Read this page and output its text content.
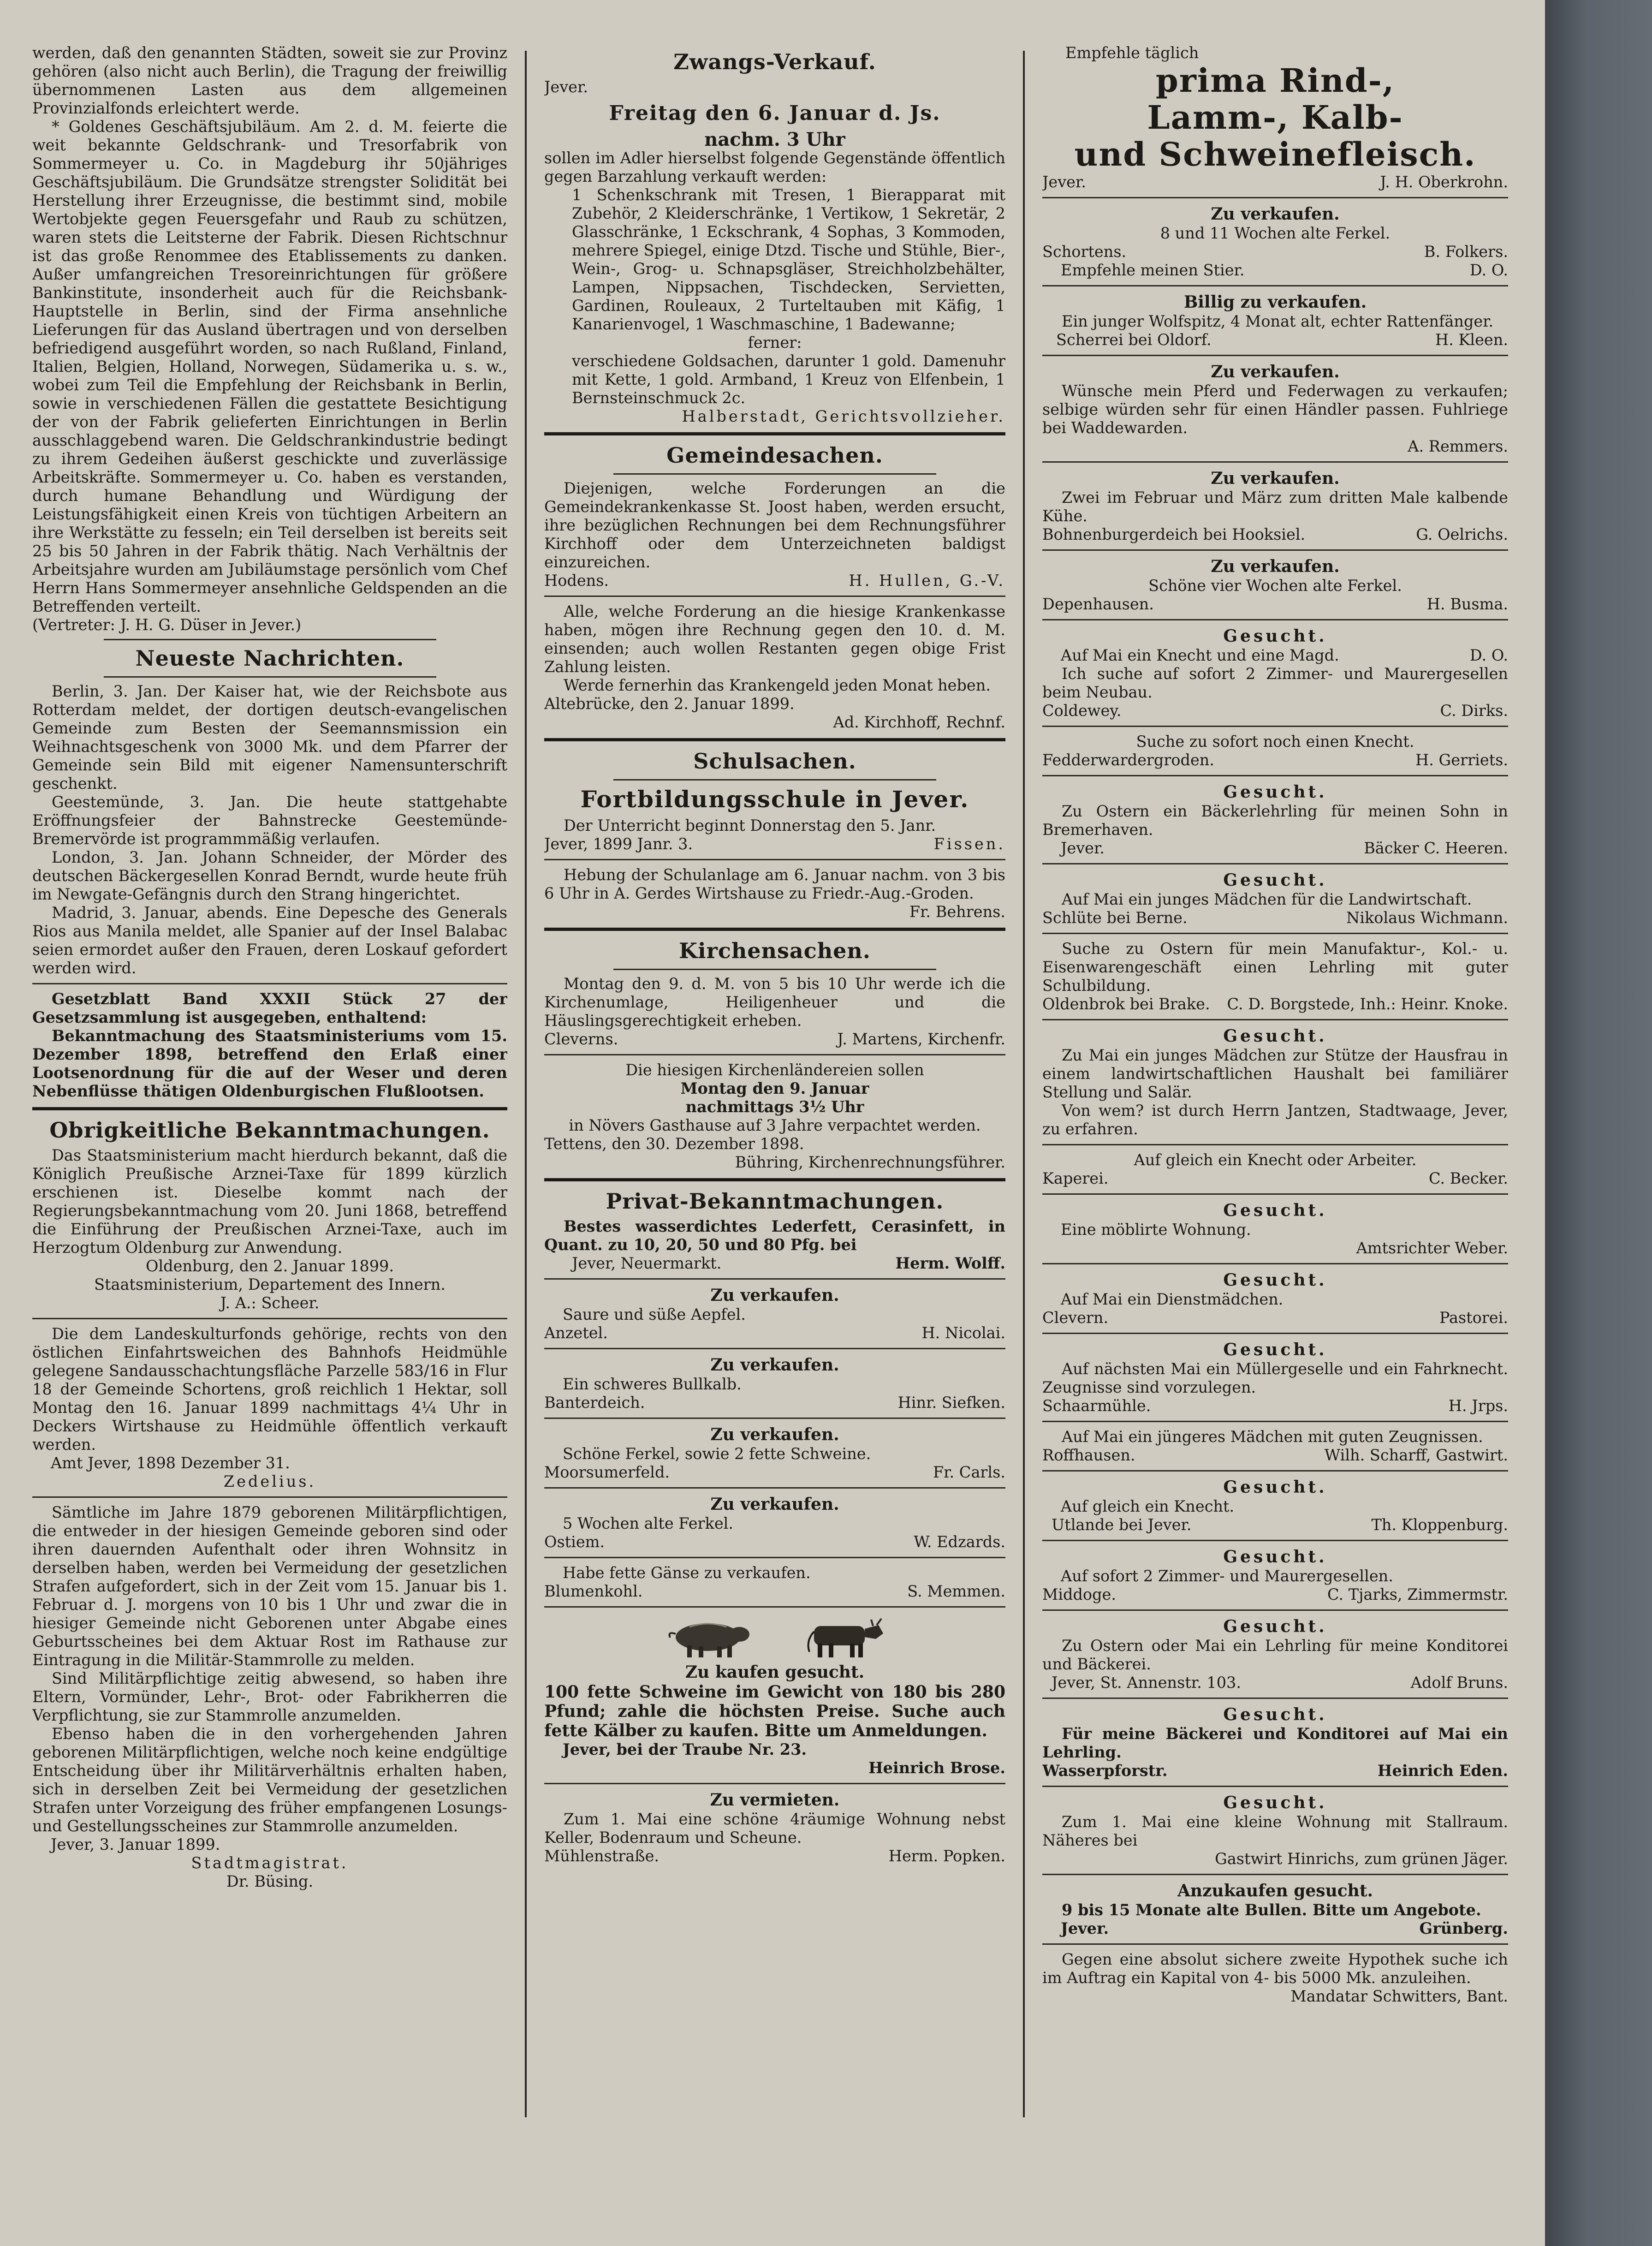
werden, daß den genannten Städten, soweit sie zur Provinz gehören (also nicht auch Berlin), die Tragung der freiwillig übernommenen Lasten aus dem allgemeinen Provinzialfonds erleichtert werde.

* Goldenes Geschäftsjubiläum. Am 2. d. M. feierte die weit bekannte Geldschrank- und Tresorfabrik von Sommermeyer u. Co. in Magdeburg ihr 50jähriges Geschäftsjubiläum. Die Grundsätze strengster Solidität bei Herstellung ihrer Erzeugnisse, die bestimmt sind, mobile Wertobjekte gegen Feuersgefahr und Raub zu schützen, waren stets die Leitsterne der Fabrik. Diesen Richtschnur ist das große Renommee des Etablissements zu danken. Außer umfangreichen Tresoreinrichtungen für größere Bankinstitute, insonderheit auch für die Reichsbank-Hauptstelle in Berlin, sind der Firma ansehnliche Lieferungen für das Ausland übertragen und von derselben befriedigend ausgeführt worden, so nach Rußland, Finland, Italien, Belgien, Holland, Norwegen, Südamerika u. s. w., wobei zum Teil die Empfehlung der Reichsbank in Berlin, sowie in verschiedenen Fällen die gestattete Besichtigung der von der Fabrik gelieferten Einrichtungen in Berlin ausschlaggebend waren. Die Geldschrankindustrie bedingt zu ihrem Gedeihen äußerst geschickte und zuverlässige Arbeitskräfte. Sommermeyer u. Co. haben es verstanden, durch humane Behandlung und Würdigung der Leistungsfähigkeit einen Kreis von tüchtigen Arbeitern an ihre Werkstätte zu fesseln; ein Teil derselben ist bereits seit 25 bis 50 Jahren in der Fabrik thätig. Nach Verhältnis der Arbeitsjahre wurden am Jubiläumstage persönlich vom Chef Herrn Hans Sommermeyer ansehnliche Geldspenden an die Betreffenden verteilt.

(Vertreter: J. H. G. Düser in Jever.)

Neueste Nachrichten.

Berlin, 3. Jan. Der Kaiser hat, wie der Reichsbote aus Rotterdam meldet, der dortigen deutsch-evangelischen Gemeinde zum Besten der Seemannsmission ein Weihnachtsgeschenk von 3000 Mk. und dem Pfarrer der Gemeinde sein Bild mit eigener Namensunterschrift geschenkt.

Geestemünde, 3. Jan. Die heute stattgehabte Eröffnungsfeier der Bahnstrecke Geestemünde-Bremervörde ist programmmäßig verlaufen.

London, 3. Jan. Johann Schneider, der Mörder des deutschen Bäckergesellen Konrad Berndt, wurde heute früh im Newgate-Gefängnis durch den Strang hingerichtet.

Madrid, 3. Januar, abends. Eine Depesche des Generals Rios aus Manila meldet, alle Spanier auf der Insel Balabac seien ermordet außer den Frauen, deren Loskauf gefordert werden wird.

Gesetzblatt Band XXXII Stück 27 der Gesetzsammlung ist ausgegeben, enthaltend:

Bekanntmachung des Staatsministeriums vom 15. Dezember 1898, betreffend den Erlaß einer Lootsenordnung für die auf der Weser und deren Nebenflüsse thätigen Oldenburgischen Flußlootsen.

Obrigkeitliche Bekanntmachungen.

Das Staatsministerium macht hierdurch bekannt, daß die Königlich Preußische Arznei-Taxe für 1899 kürzlich erschienen ist. Dieselbe kommt nach der Regierungsbekanntmachung vom 20. Juni 1868, betreffend die Einführung der Preußischen Arznei-Taxe, auch im Herzogtum Oldenburg zur Anwendung.

Oldenburg, den 2. Januar 1899.
Staatsministerium, Departement des Innern.
J. A.: Scheer.

Die dem Landeskulturfonds gehörige, rechts von den östlichen Einfahrtsweichen des Bahnhofs Heidmühle gelegene Sandausschachtungsfläche Parzelle 583/16 in Flur 18 der Gemeinde Schortens, groß reichlich 1 Hektar, soll Montag den 16. Januar 1899 nachmittags 4¼ Uhr in Deckers Wirtshause zu Heidmühle öffentlich verkauft werden.

Amt Jever, 1898 Dezember 31.
Zedelius.

Sämtliche im Jahre 1879 geborenen Militärpflichtigen, die entweder in der hiesigen Gemeinde geboren sind oder ihren dauernden Aufenthalt oder ihren Wohnsitz in derselben haben, werden bei Vermeidung der gesetzlichen Strafen aufgefordert, sich in der Zeit vom 15. Januar bis 1. Februar d. J. morgens von 10 bis 1 Uhr und zwar die in hiesiger Gemeinde nicht Geborenen unter Abgabe eines Geburtsscheines bei dem Aktuar Rost im Rathause zur Eintragung in die Militär-Stammrolle zu melden.

Sind Militärpflichtige zeitig abwesend, so haben ihre Eltern, Vormünder, Lehr-, Brot- oder Fabrikherren die Verpflichtung, sie zur Stammrolle anzumelden.

Ebenso haben die in den vorhergehenden Jahren geborenen Militärpflichtigen, welche noch keine endgültige Entscheidung über ihr Militärverhältnis erhalten haben, sich in derselben Zeit bei Vermeidung der gesetzlichen Strafen unter Vorzeigung des früher empfangenen Losungs- und Gestellungsscheines zur Stammrolle anzumelden.

Jever, 3. Januar 1899.
Stadtmagistrat.
Dr. Büsing.
Zwangs-Verkauf.
Jever.
Freitag den 6. Januar d. Js.
nachm. 3 Uhr

sollen im Adler hierselbst folgende Gegenstände öffentlich gegen Barzahlung verkauft werden:

1 Schenkschrank mit Tresen, 1 Bierapparat mit Zubehör, 2 Kleiderschränke, 1 Vertikow, 1 Sekretär, 2 Glasschränke, 1 Eckschrank, 4 Sophas, 3 Kommoden, mehrere Spiegel, einige Dtzd. Tische und Stühle, Bier-, Wein-, Grog- u. Schnapsgläser, Streichholzbehälter, Lampen, Nippsachen, Tischdecken, Servietten, Gardinen, Rouleaux, 2 Turteltauben mit Käfig, 1 Kanarienvogel, 1 Waschmaschine, 1 Badewanne;

ferner:

verschiedene Goldsachen, darunter 1 gold. Damenuhr mit Kette, 1 gold. Armband, 1 Kreuz von Elfenbein, 1 Bernsteinschmuck 2c.

Halberstadt, Gerichtsvollzieher.
Gemeindesachen.

Diejenigen, welche Forderungen an die Gemeindekrankenkasse St. Joost haben, werden ersucht, ihre bezüglichen Rechnungen bei dem Rechnungsführer Kirchhoff oder dem Unterzeichneten baldigst einzureichen.

Hodens.	H. Hullen, G.-V.

Alle, welche Forderung an die hiesige Krankenkasse haben, mögen ihre Rechnung gegen den 10. d. M. einsenden; auch wollen Restanten gegen obige Frist Zahlung leisten.

Werde fernerhin das Krankengeld jeden Monat heben.

Altebrücke, den 2. Januar 1899.
Ad. Kirchhoff, Rechnf.
Schulsachen.
Fortbildungsschule in Jever.

Der Unterricht beginnt Donnerstag den 5. Janr.

Jever, 1899 Janr. 3.	Fissen.

Hebung der Schulanlage am 6. Januar nachm. von 3 bis 6 Uhr in A. Gerdes Wirtshause zu Friedr.-Aug.-Groden.

Fr. Behrens.
Kirchensachen.

Montag den 9. d. M. von 5 bis 10 Uhr werde ich die Kirchenumlage, Heiligenheuer und die Häuslingsgerechtigkeit erheben.

Cleverns.	J. Martens, Kirchenfr.
Die hiesigen Kirchenländereien sollen
Montag den 9. Januar
nachmittags 3½ Uhr
in Növers Gasthause auf 3 Jahre verpachtet werden.
Tettens, den 30. Dezember 1898.
Bühring, Kirchenrechnungsführer.
Privat-Bekanntmachungen.

Bestes wasserdichtes Lederfett, Cerasinfett, in Quant. zu 10, 20, 50 und 80 Pfg. bei

Jever, Neuermarkt.	Herm. Wolff.
Zu verkaufen.
Saure und süße Aepfel.
Anzetel.	H. Nicolai.
Zu verkaufen.
Ein schweres Bullkalb.
Banterdeich.	Hinr. Siefken.
Zu verkaufen.
Schöne Ferkel, sowie 2 fette Schweine.
Moorsumerfeld.	Fr. Carls.
Zu verkaufen.
5 Wochen alte Ferkel.
Ostiem.	W. Edzards.
Habe fette Gänse zu verkaufen.
Blumenkohl.	S. Memmen.
Zu kaufen gesucht.

100 fette Schweine im Gewicht von 180 bis 280 Pfund; zahle die höchsten Preise. Suche auch fette Kälber zu kaufen. Bitte um Anmeldungen.

Jever, bei der Traube Nr. 23.
Heinrich Brose.
Zu vermieten.

Zum 1. Mai eine schöne 4räumige Wohnung nebst Keller, Bodenraum und Scheune.

Mühlenstraße.	Herm. Popken.
Empfehle täglich
prima Rind-,
Lamm-, Kalb-
und Schweinefleisch.
Jever.	J. H. Oberkrohn.
Zu verkaufen.
8 und 11 Wochen alte Ferkel.
Schortens.	B. Folkers.
Empfehle meinen Stier.	D. O.
Billig zu verkaufen.

Ein junger Wolfspitz, 4 Monat alt, echter Rattenfänger.

Scherrei bei Oldorf.	H. Kleen.
Zu verkaufen.

Wünsche mein Pferd und Federwagen zu verkaufen; selbige würden sehr für einen Händler passen. Fuhlriege bei Waddewarden.

A. Remmers.
Zu verkaufen.

Zwei im Februar und März zum dritten Male kalbende Kühe.

Bohnenburgerdeich bei Hooksiel.	G. Oelrichs.
Zu verkaufen.
Schöne vier Wochen alte Ferkel.
Depenhausen.	H. Busma.
Gesucht.
Auf Mai ein Knecht und eine Magd.	D. O.

Ich suche auf sofort 2 Zimmer- und Maurergesellen beim Neubau.

Coldewey.	C. Dirks.
Suche zu sofort noch einen Knecht.
Fedderwardergroden.	H. Gerriets.
Gesucht.

Zu Ostern ein Bäckerlehrling für meinen Sohn in Bremerhaven.

Jever.	Bäcker C. Heeren.
Gesucht.

Auf Mai ein junges Mädchen für die Landwirtschaft.

Schlüte bei Berne.	Nikolaus Wichmann.

Suche zu Ostern für mein Manufaktur-, Kol.- u. Eisenwarengeschäft einen Lehrling mit guter Schulbildung.

Oldenbrok bei Brake. C. D. Borgstede, Inh.: Heinr. Knoke.
Gesucht.

Zu Mai ein junges Mädchen zur Stütze der Hausfrau in einem landwirtschaftlichen Haushalt bei familiärer Stellung und Salär.

Von wem? ist durch Herrn Jantzen, Stadtwaage, Jever, zu erfahren.

Auf gleich ein Knecht oder Arbeiter.
Kaperei.	C. Becker.
Gesucht.
Eine möblirte Wohnung.
Amtsrichter Weber.
Gesucht.
Auf Mai ein Dienstmädchen.
Clevern.	Pastorei.
Gesucht.

Auf nächsten Mai ein Müllergeselle und ein Fahrknecht. Zeugnisse sind vorzulegen.

Schaarmühle.	H. Jrps.

Auf Mai ein jüngeres Mädchen mit guten Zeugnissen.

Roffhausen.	Wilh. Scharff, Gastwirt.
Gesucht.
Auf gleich ein Knecht.
Utlande bei Jever.	Th. Kloppenburg.
Gesucht.
Auf sofort 2 Zimmer- und Maurergesellen.
Middoge.	C. Tjarks, Zimmermstr.
Gesucht.

Zu Ostern oder Mai ein Lehrling für meine Konditorei und Bäckerei.

Jever, St. Annenstr. 103.	Adolf Bruns.
Gesucht.

Für meine Bäckerei und Konditorei auf Mai ein Lehrling.

Wasserpforstr.	Heinrich Eden.
Gesucht.

Zum 1. Mai eine kleine Wohnung mit Stallraum. Näheres bei

Gastwirt Hinrichs, zum grünen Jäger.
Anzukaufen gesucht.

9 bis 15 Monate alte Bullen. Bitte um Angebote.

Jever.	Grünberg.

Gegen eine absolut sichere zweite Hypothek suche ich im Auftrag ein Kapital von 4- bis 5000 Mk. anzuleihen.

Mandatar Schwitters, Bant.
